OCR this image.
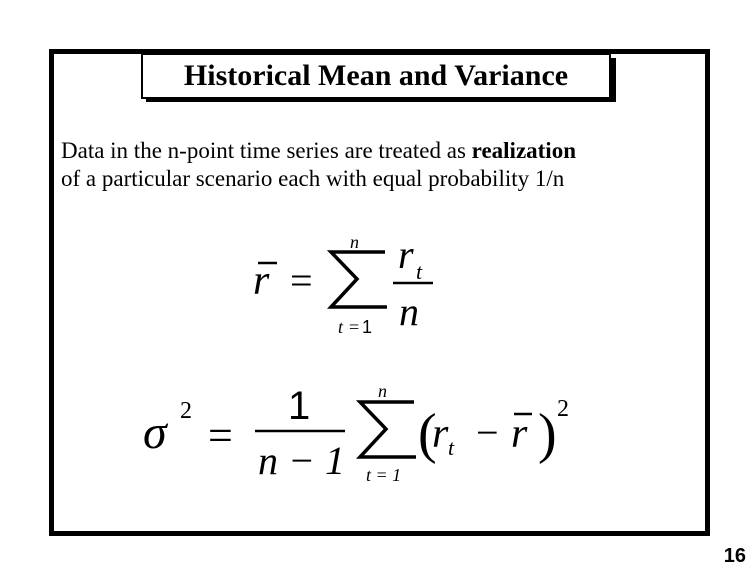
Historical Mean and Variance
Data in the n-point time series are treated as realization
of a particular scenario each with equal probability 1/n
r =
n
t = 1
r t
n
σ 2 =
1
n − 1
n
t = 1
(
r t − r ) 2
16
